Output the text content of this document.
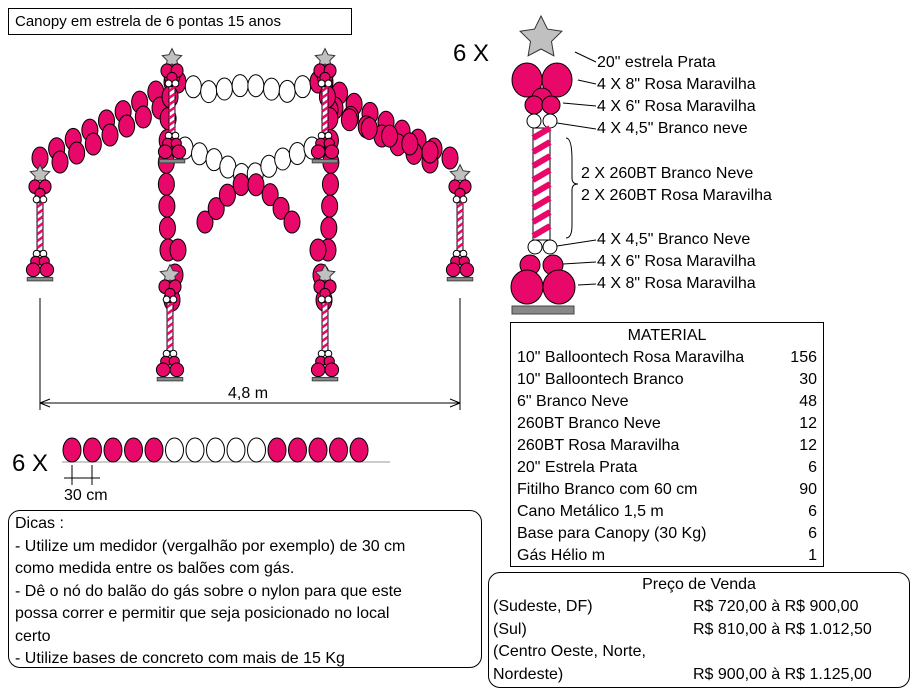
Canopy em estrela de 6 pontas 15 anos
6 X	20" estrela Prata
4 X 8" Rosa Maravilha
4 X 6" Rosa Maravilha
4 X 4,5" Branco neve
2 X 260BT Branco Neve
2 X 260BT Rosa Maravilha
4 X 4,5" Branco Neve
4 X 6" Rosa Maravilha
4 X 8" Rosa Maravilha
4,8 m
6 X
30 cm
MATERIAL
10" Balloontech Rosa Maravilha	156
10" Balloontech Branco	30
6" Branco Neve	48
260BT Branco Neve	12
260BT Rosa Maravilha	12
20" Estrela Prata	6
Fitilho Branco com 60 cm	90
Cano Metálico 1,5 m	6
Base para Canopy (30 Kg)	6
Gás Hélio m	1
Dicas :
- Utilize um medidor (vergalhão por exemplo) de 30 cm
como medida entre os balões com gás.
- Dê o nó do balão do gás sobre o nylon para que este
possa correr e permitir que seja posicionado no local
certo
- Utilize bases de concreto com mais de 15 Kg
Preço de Venda
(Sudeste, DF)	R$ 720,00 à R$ 900,00
(Sul)	R$ 810,00 à R$ 1.012,50
(Centro Oeste, Norte,
Nordeste)	R$ 900,00 à R$ 1.125,00
